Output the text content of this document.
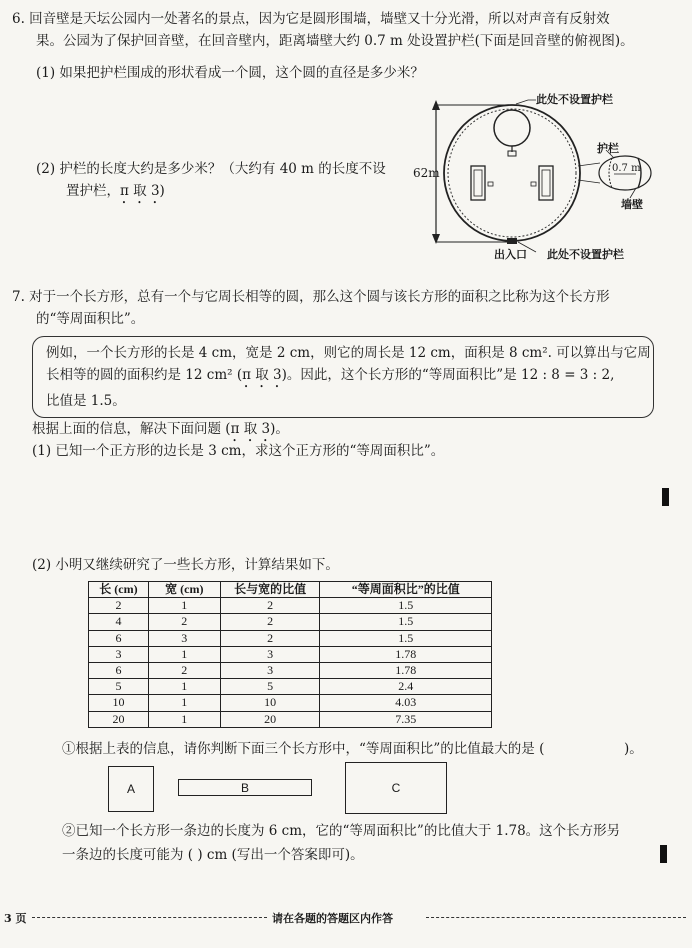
6. 回音壁是天坛公园内一处著名的景点，因为它是圆形围墙，墙壁又十分光滑，所以对声音有反射效
果。公园为了保护回音壁，在回音壁内，距离墙壁大约 0.7 m 处设置护栏(下面是回音壁的俯视图)。
(1) 如果把护栏围成的形状看成一个圆，这个圆的直径是多少米？
(2) 护栏的长度大约是多少米？（大约有 40 m 的长度不设
置护栏，π 取 3)
此处不设置护栏
此处不设置护栏
出入口
62m
护栏
墙壁
0.7 m
7. 对于一个长方形，总有一个与它周长相等的圆，那么这个圆与该长方形的面积之比称为这个长方形
的“等周面积比”。
例如，一个长方形的长是 4 cm，宽是 2 cm，则它的周长是 12 cm，面积是 8 cm². 可以算出与它周
长相等的圆的面积约是 12 cm² (π 取 3)。因此，这个长方形的“等周面积比”是 12 : 8 = 3 : 2,
比值是 1.5。
根据上面的信息，解决下面问题 (π 取 3)。
(1) 已知一个正方形的边长是 3 cm，求这个正方形的“等周面积比”。
(2) 小明又继续研究了一些长方形，计算结果如下。
长 (cm)	宽 (cm)	长与宽的比值	“等周面积比”的比值
2	1	2	1.5
4	2	2	1.5
6	3	2	1.5
3	1	3	1.78
6	2	3	1.78
5	1	5	2.4
10	1	10	4.03
20	1	20	7.35
①根据上表的信息，请你判断下面三个长方形中，“等周面积比”的比值最大的是 (	)。
A	B	C
②已知一个长方形一条边的长度为 6 cm，它的“等周面积比”的比值大于 1.78。这个长方形另
一条边的长度可能为 ( ) cm (写出一个答案即可)。
3 页	请在各题的答题区内作答
